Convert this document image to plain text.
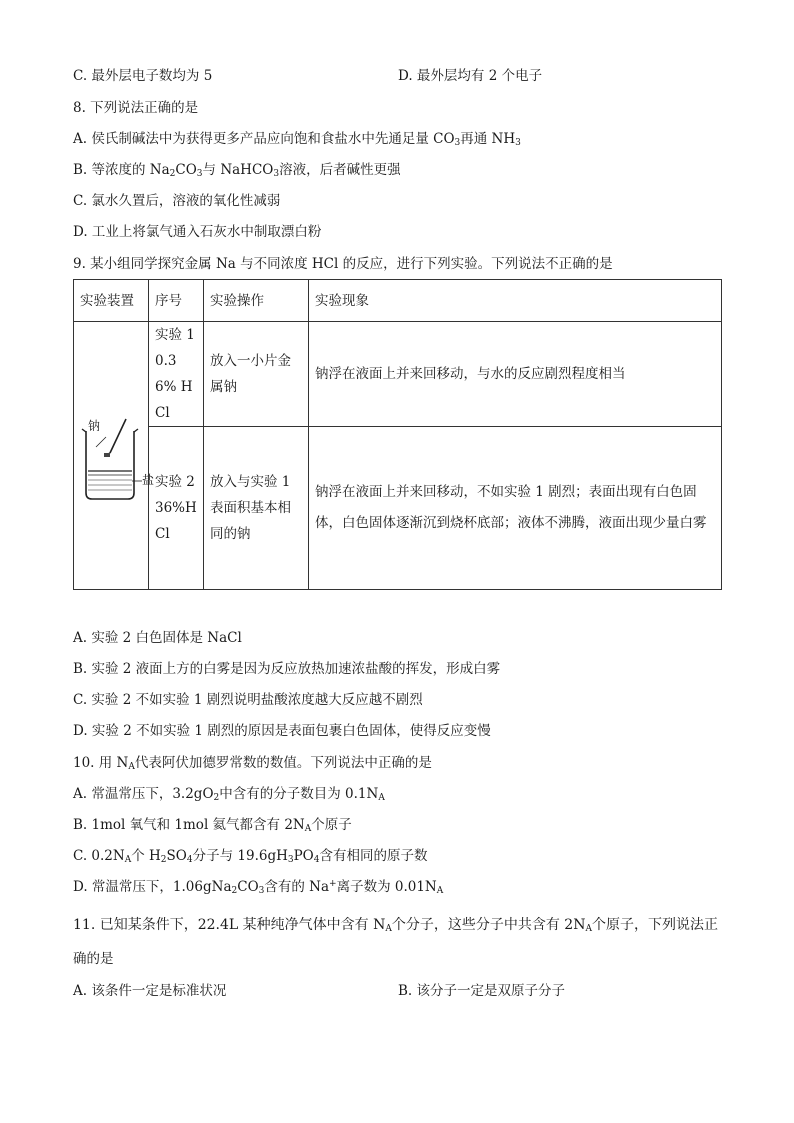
C. 最外层电子数均为 5	D. 最外层均有 2 个电子
8. 下列说法正确的是
A. 侯氏制碱法中为获得更多产品应向饱和食盐水中先通足量 $CO_3$再通 $NH_3$
B. 等浓度的 $Na_2CO_3$与 NaHCO$_3$溶液，后者碱性更强
C. 氯水久置后，溶液的氧化性减弱
D. 工业上将氯气通入石灰水中制取漂白粉
9. 某小组同学探究金属 Na 与不同浓度 HCl 的反应，进行下列实验。下列说法不正确的是
实验装置	序号	实验操作	实验现象

钠
盐	实验 1 0.36% HCl	放入一小片金属钠	钠浮在液面上并来回移动，与水的反应剧烈程度相当
	实验 2 36%HCl	放入与实验 1 表面积基本相同的钠	钠浮在液面上并来回移动，不如实验 1 剧烈；表面出现有白色固体，白色固体逐渐沉到烧杯底部；液体不沸腾，液面出现少量白雾
A. 实验 2 白色固体是 NaCl
B. 实验 2 液面上方的白雾是因为反应放热加速浓盐酸的挥发，形成白雾
C. 实验 2 不如实验 1 剧烈说明盐酸浓度越大反应越不剧烈
D. 实验 2 不如实验 1 剧烈的原因是表面包裹白色固体，使得反应变慢
10. 用 $N_A$代表阿伏加德罗常数的数值。下列说法中正确的是
A. 常温常压下，$3.2gO_2$中含有的分子数目为 $0.1N_A$
B. 1mol 氧气和 1mol 氦气都含有 $2N_A$个原子
C. $0.2N_A$个 $H_2SO_4$分子与 $19.6gH_3PO_4$含有相同的原子数
D. 常温常压下，$1.06gNa_2CO_3$含有的 Na+离子数为 $0.01N_A$
11. 已知某条件下，22.4L 某种纯净气体中含有 $N_A$个分子，这些分子中共含有 $2N_A$个原子，下列说法正
确的是
A. 该条件一定是标准状况	B. 该分子一定是双原子分子
